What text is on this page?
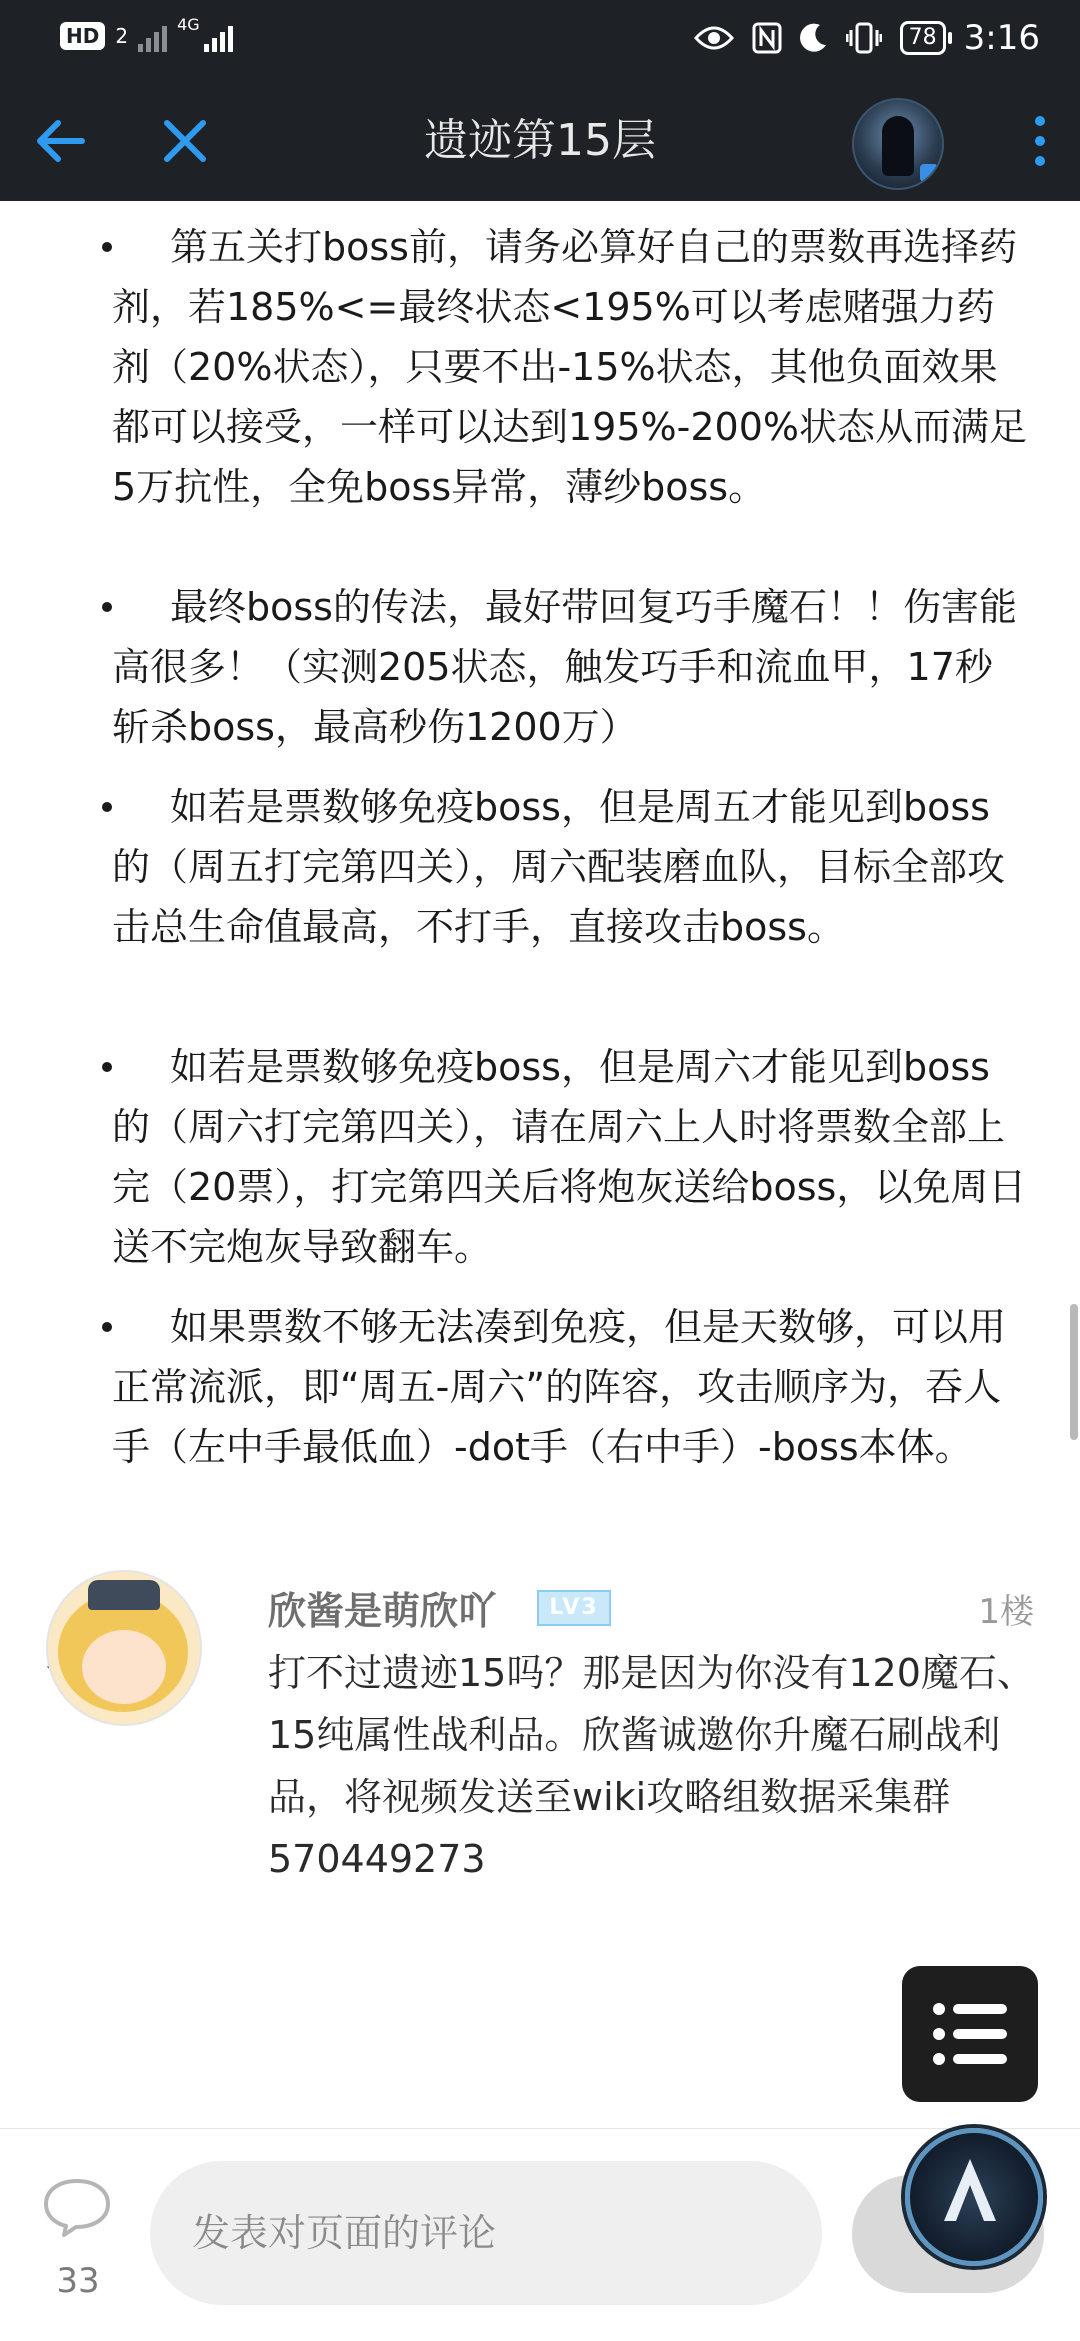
HD 2	4G
78 3:16
遗迹第15层
第五关打boss前，请务必算好自己的票数再选择药剂，若185%<=最终状态<195%可以考虑赌强力药剂（20%状态），只要不出-15%状态，其他负面效果都可以接受，一样可以达到195%-200%状态从而满足5万抗性，全免boss异常，薄纱boss。
最终boss的传法，最好带回复巧手魔石！！伤害能高很多！（实测205状态，触发巧手和流血甲，17秒斩杀boss，最高秒伤1200万）
如若是票数够免疫boss，但是周五才能见到boss的（周五打完第四关），周六配装磨血队，目标全部攻击总生命值最高，不打手，直接攻击boss。
如若是票数够免疫boss，但是周六才能见到boss的（周六打完第四关），请在周六上人时将票数全部上完（20票），打完第四关后将炮灰送给boss，以免周日送不完炮灰导致翻车。
如果票数不够无法凑到免疫，但是天数够，可以用正常流派，即“周五-周六”的阵容，攻击顺序为，吞人手（左中手最低血）-dot手（右中手）-boss本体。
欣酱是萌欣吖	LV3	1楼
打不过遗迹15吗？那是因为你没有120魔石、15纯属性战利品。欣酱诚邀你升魔石刷战利品，将视频发送至wiki攻略组数据采集群570449273
33
发表对页面的评论
